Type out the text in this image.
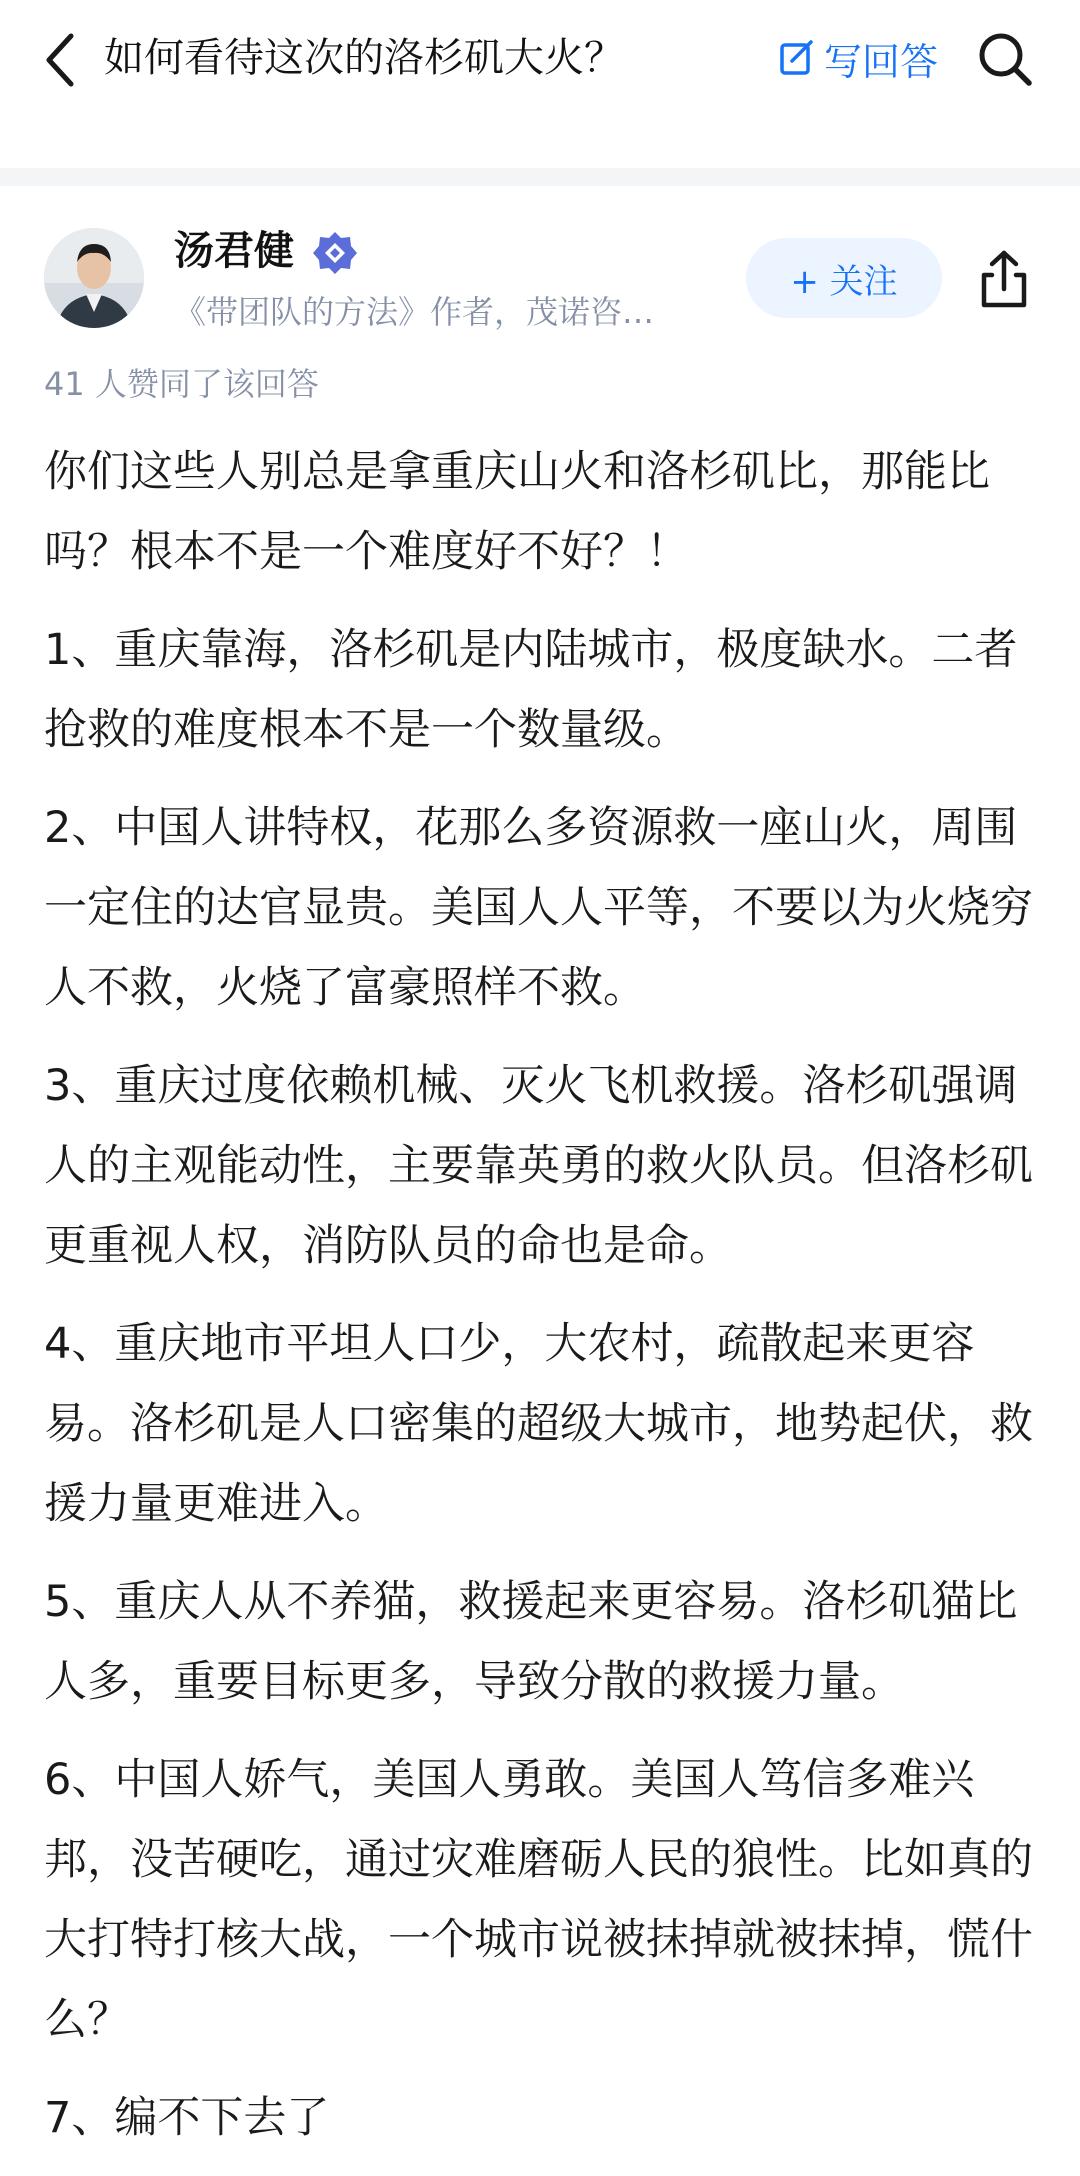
如何看待这次的洛杉矶大火？	写回答
汤君健
《带团队的方法》作者，茂诺咨…
+ 关注
41 人赞同了该回答

你们这些人别总是拿重庆山火和洛杉矶比，那能比吗？根本不是一个难度好不好？！

1、重庆靠海，洛杉矶是内陆城市，极度缺水。二者抢救的难度根本不是一个数量级。

2、中国人讲特权，花那么多资源救一座山火，周围一定住的达官显贵。美国人人平等，不要以为火烧穷人不救，火烧了富豪照样不救。

3、重庆过度依赖机械、灭火飞机救援。洛杉矶强调人的主观能动性，主要靠英勇的救火队员。但洛杉矶更重视人权，消防队员的命也是命。

4、重庆地市平坦人口少，大农村，疏散起来更容易。洛杉矶是人口密集的超级大城市，地势起伏，救援力量更难进入。

5、重庆人从不养猫，救援起来更容易。洛杉矶猫比人多，重要目标更多，导致分散的救援力量。

6、中国人娇气，美国人勇敢。美国人笃信多难兴邦，没苦硬吃，通过灾难磨砺人民的狼性。比如真的大打特打核大战，一个城市说被抹掉就被抹掉，慌什么？

7、编不下去了
